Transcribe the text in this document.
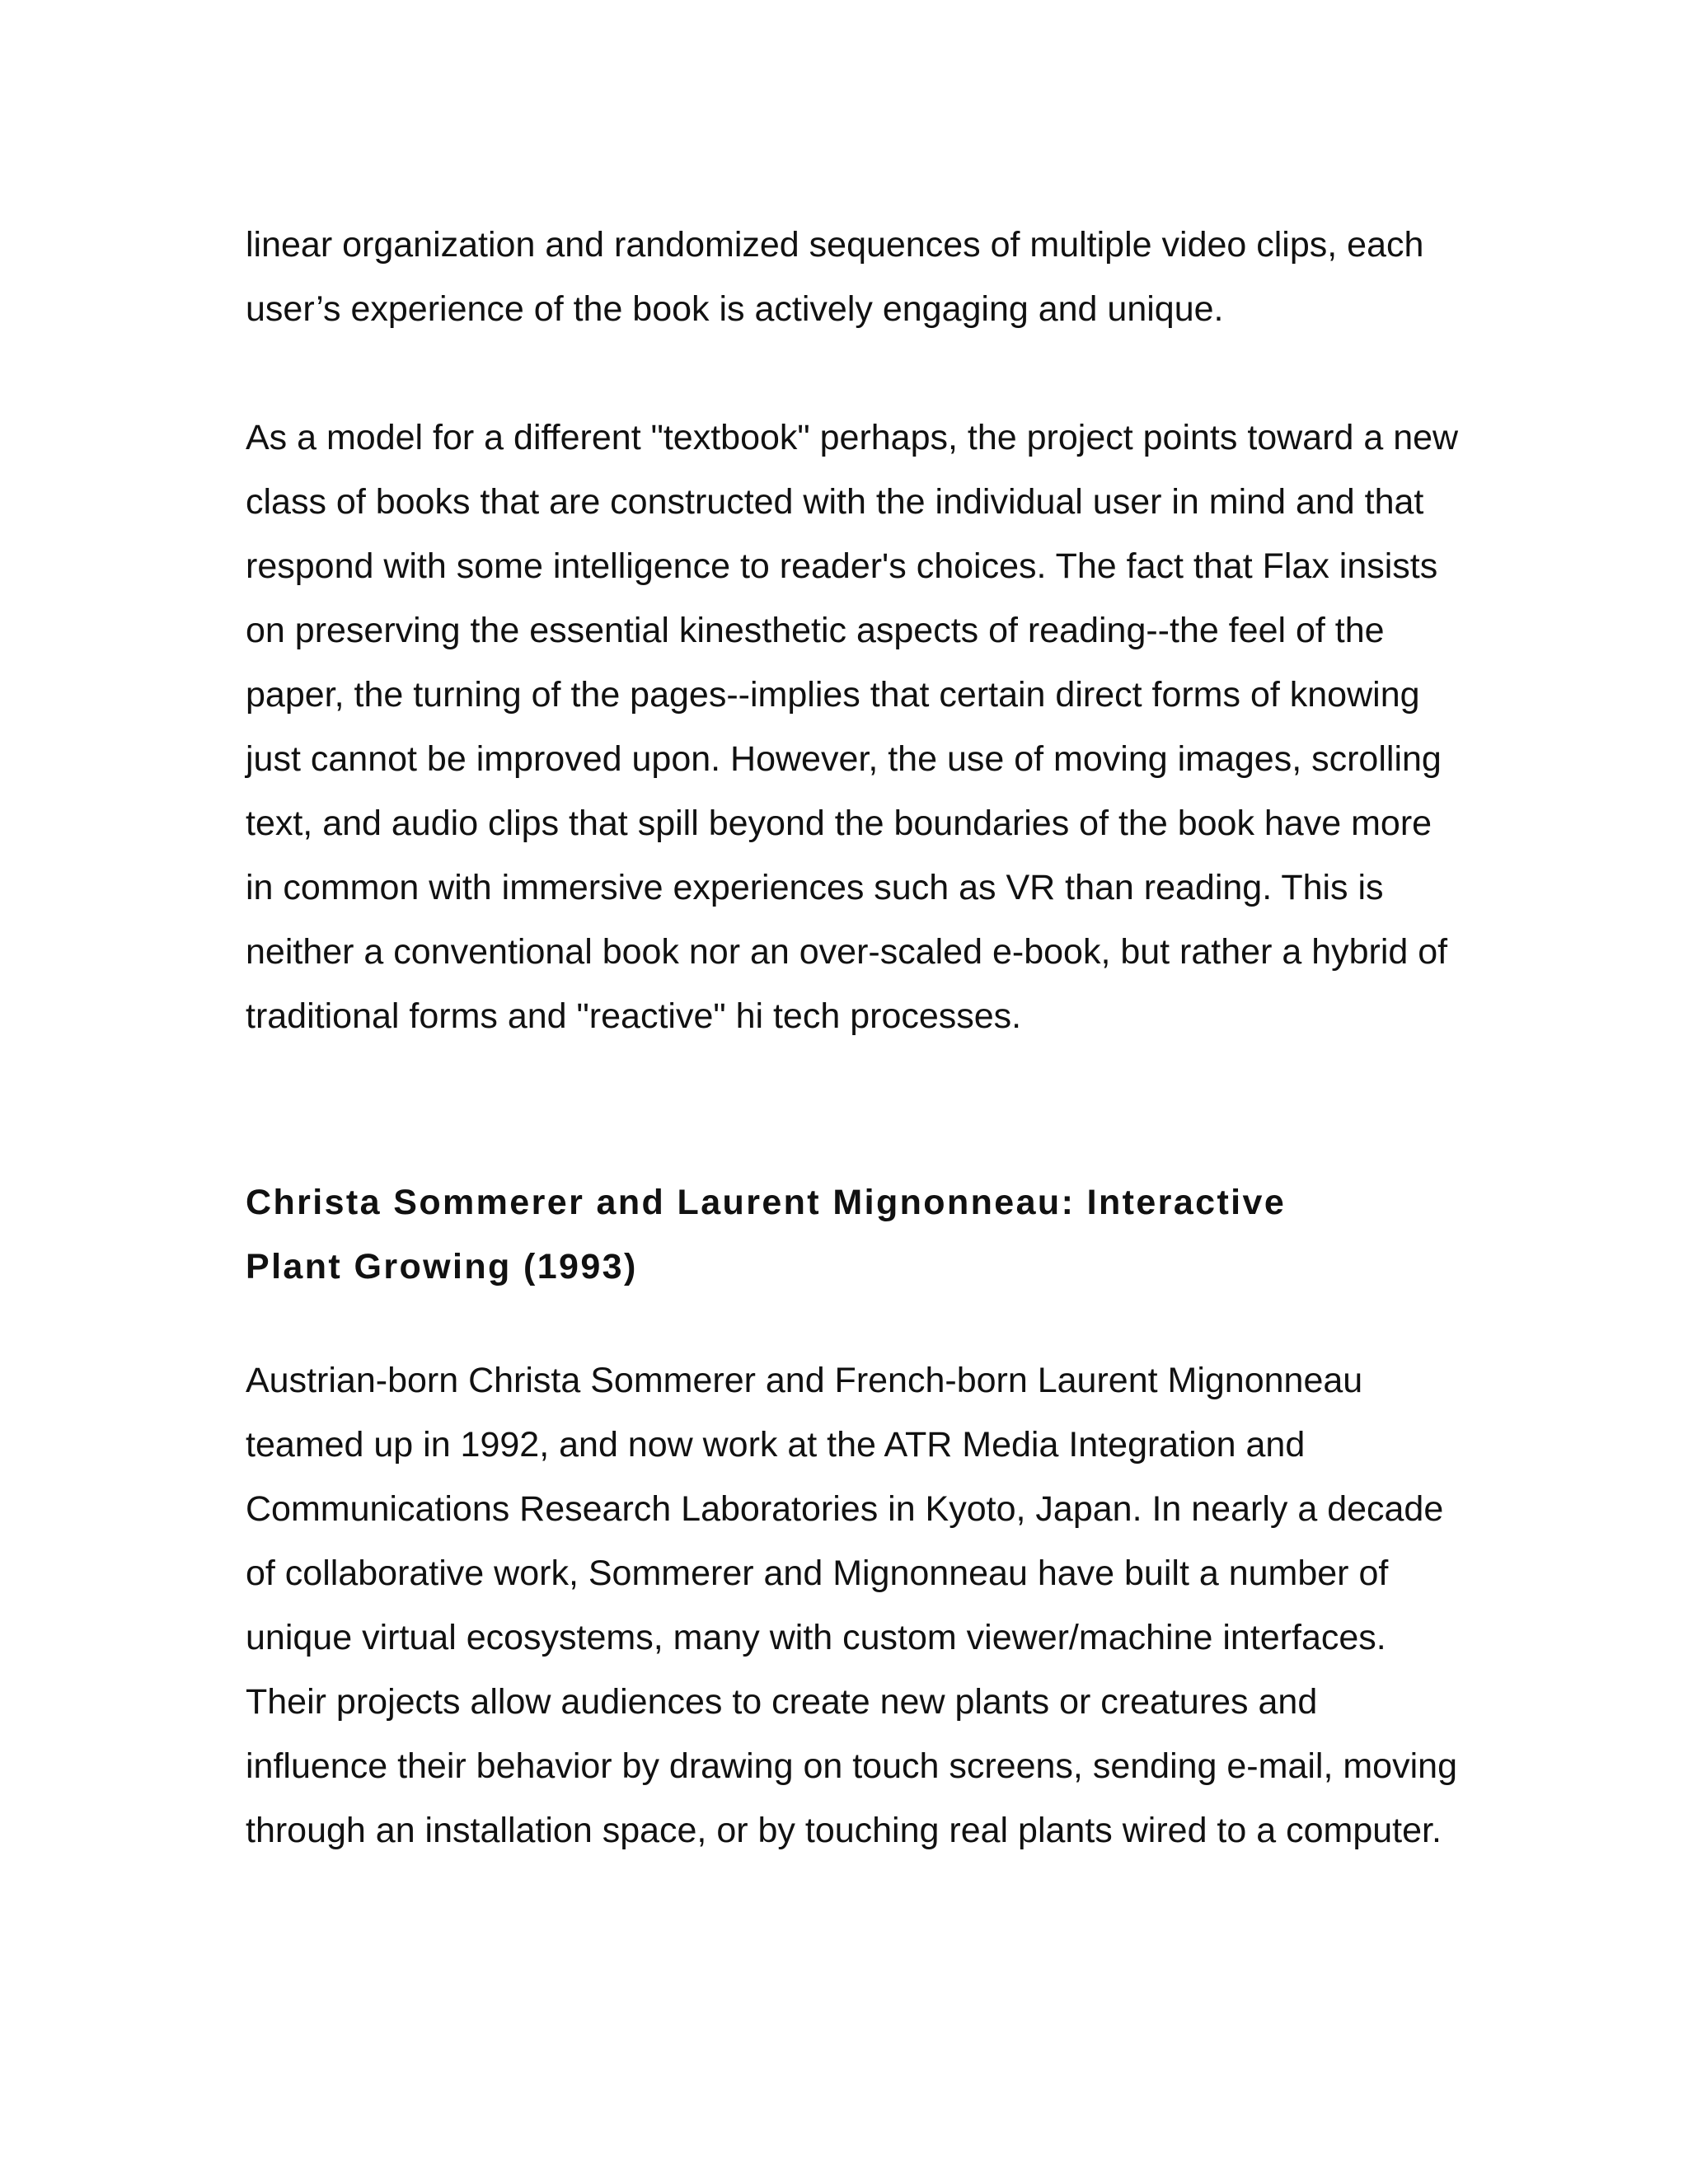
linear organization and randomized sequences of multiple video clips, each user’s experience of the book is actively engaging and unique.

As a model for a different "textbook" perhaps, the project points toward a new class of books that are constructed with the individual user in mind and that respond with some intelligence to reader's choices. The fact that Flax insists on preserving the essential kinesthetic aspects of reading--the feel of the paper, the turning of the pages--implies that certain direct forms of knowing just cannot be improved upon. However, the use of moving images, scrolling text, and audio clips that spill beyond the boundaries of the book have more in common with immersive experiences such as VR than reading. This is neither a conventional book nor an over-scaled e-book, but rather a hybrid of traditional forms and "reactive" hi tech processes.

Christa Sommerer and Laurent Mignonneau: Interactive Plant Growing (1993)

Austrian-born Christa Sommerer and French-born Laurent Mignonneau teamed up in 1992, and now work at the ATR Media Integration and Communications Research Laboratories in Kyoto, Japan. In nearly a decade of collaborative work, Sommerer and Mignonneau have built a number of unique virtual ecosystems, many with custom viewer/machine interfaces. Their projects allow audiences to create new plants or creatures and influence their behavior by drawing on touch screens, sending e-mail, moving through an installation space, or by touching real plants wired to a computer.
